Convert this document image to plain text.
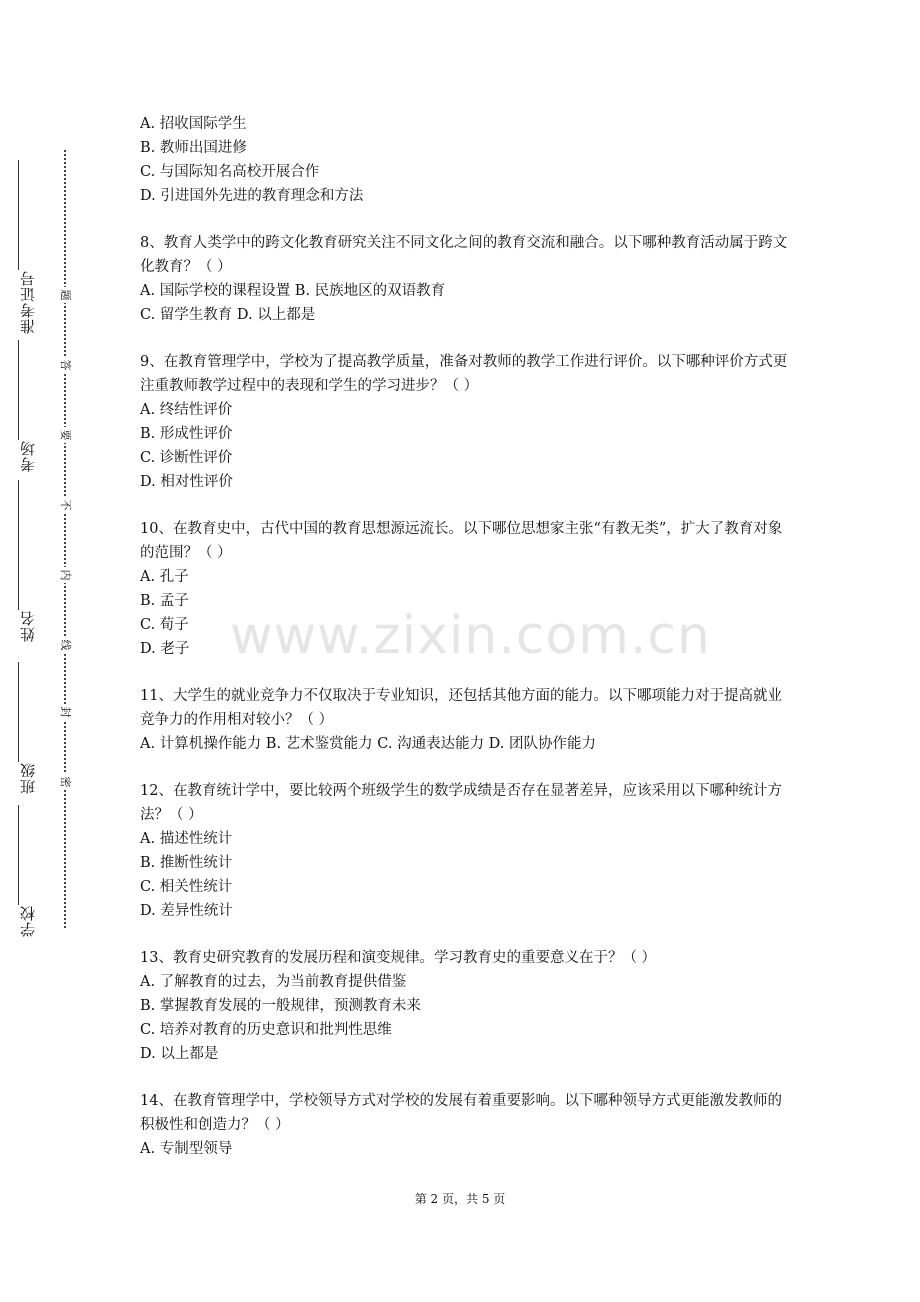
准考证号
考场
姓名
班级
学校
题
答
要
不
内
线
封
密

A. 招收国际学生

B. 教师出国进修

C. 与国际知名高校开展合作

D. 引进国外先进的教育理念和方法

8、教育人类学中的跨文化教育研究关注不同文化之间的教育交流和融合。以下哪种教育活动属于跨文化教育？（ ）

A. 国际学校的课程设置 B. 民族地区的双语教育

C. 留学生教育 D. 以上都是

9、在教育管理学中，学校为了提高教学质量，准备对教师的教学工作进行评价。以下哪种评价方式更注重教师教学过程中的表现和学生的学习进步？（ ）

A. 终结性评价

B. 形成性评价

C. 诊断性评价

D. 相对性评价

10、在教育史中，古代中国的教育思想源远流长。以下哪位思想家主张“有教无类”，扩大了教育对象的范围？（ ）

A. 孔子

B. 孟子

C. 荀子

D. 老子

11、大学生的就业竞争力不仅取决于专业知识，还包括其他方面的能力。以下哪项能力对于提高就业竞争力的作用相对较小？（ ）

A. 计算机操作能力 B. 艺术鉴赏能力 C. 沟通表达能力 D. 团队协作能力

12、在教育统计学中，要比较两个班级学生的数学成绩是否存在显著差异，应该采用以下哪种统计方法？（ ）

A. 描述性统计

B. 推断性统计

C. 相关性统计

D. 差异性统计

13、教育史研究教育的发展历程和演变规律。学习教育史的重要意义在于？（ ）

A. 了解教育的过去，为当前教育提供借鉴

B. 掌握教育发展的一般规律，预测教育未来

C. 培养对教育的历史意识和批判性思维

D. 以上都是

14、在教育管理学中，学校领导方式对学校的发展有着重要影响。以下哪种领导方式更能激发教师的积极性和创造力？（ ）

A. 专制型领导

www.zixin.com.cn
第 2 页，共 5 页
